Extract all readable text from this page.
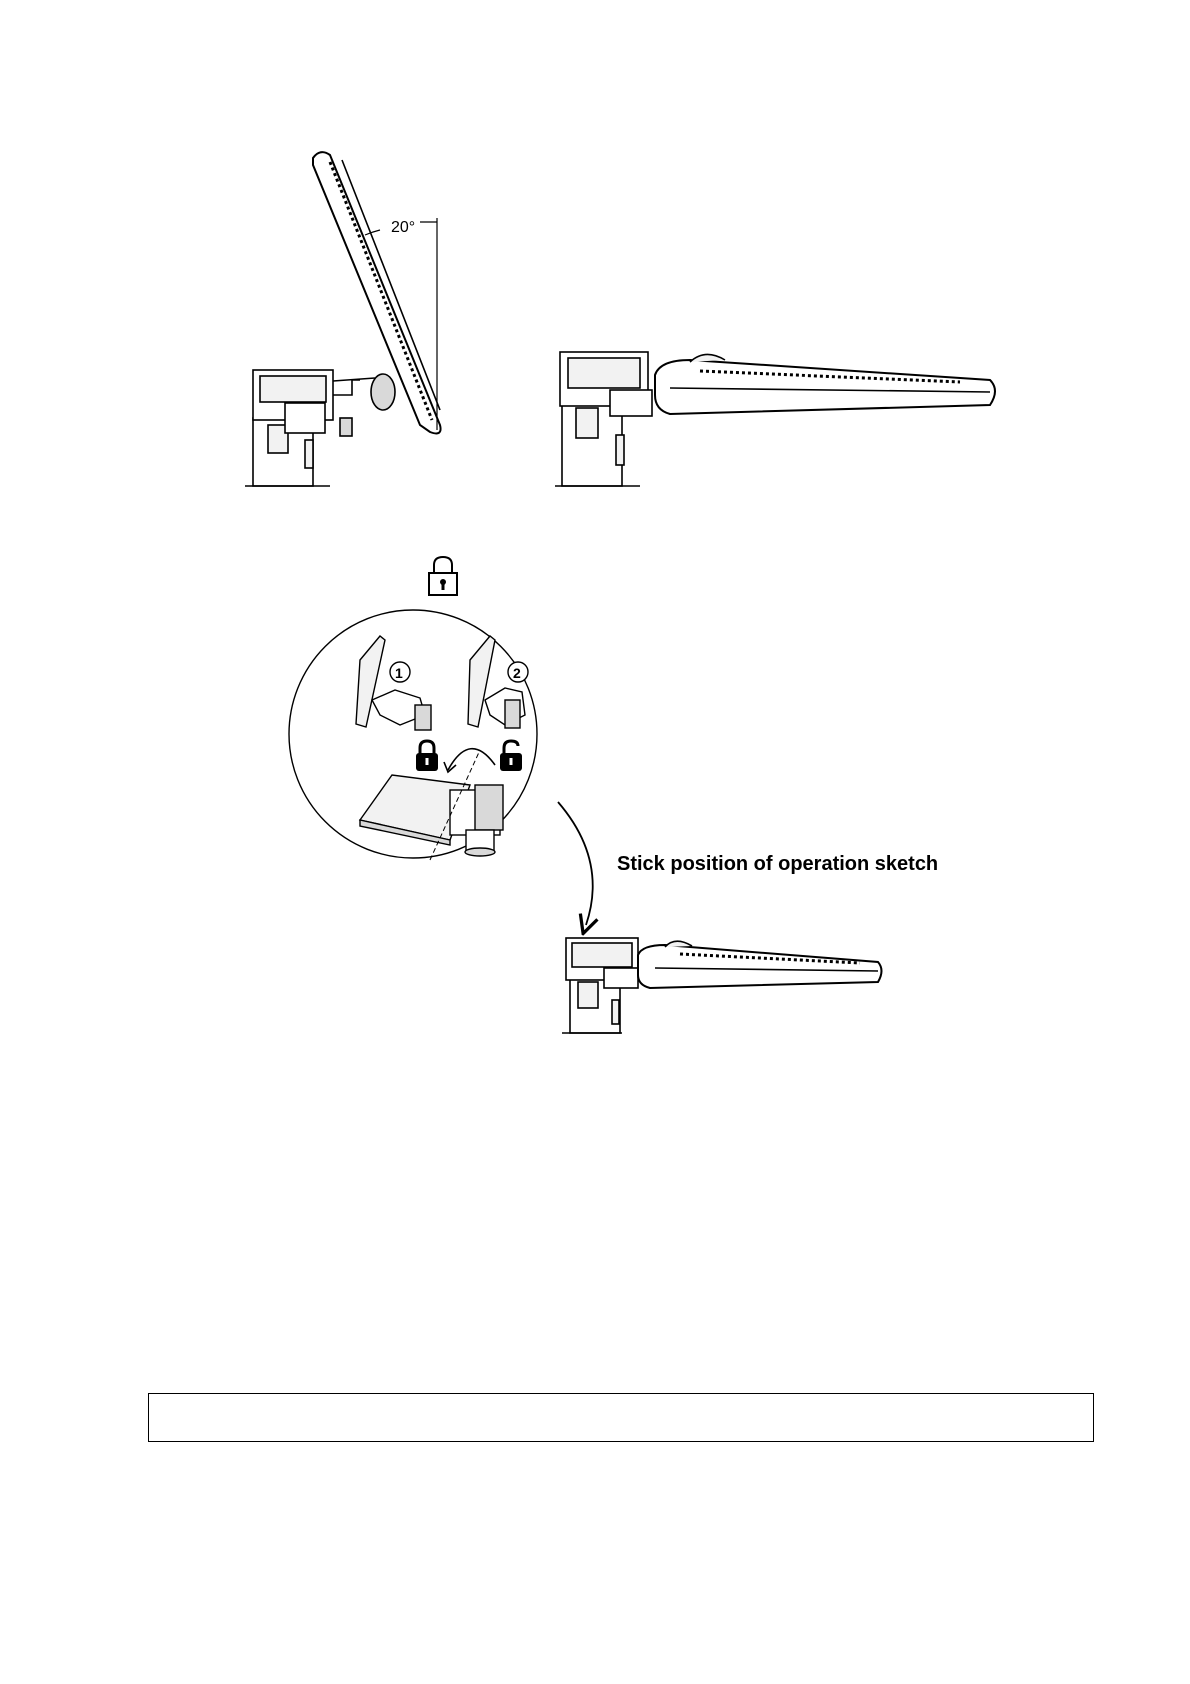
20°
1	2
Stick position of operation sketch
